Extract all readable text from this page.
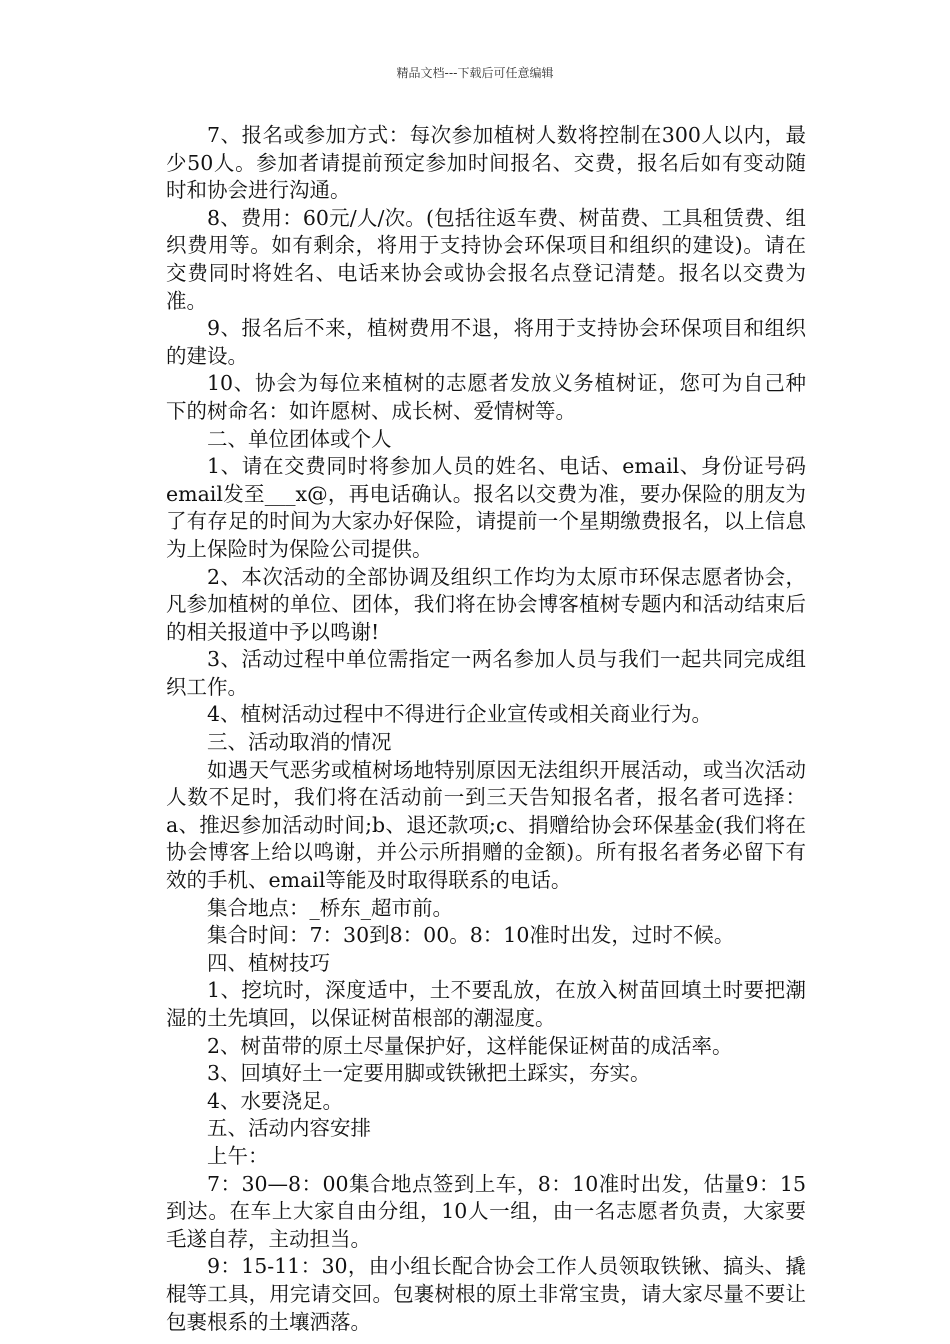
精品文档---下载后可任意编辑

7、报名或参加方式：每次参加植树人数将控制在300人以内，最少50人。参加者请提前预定参加时间报名、交费，报名后如有变动随时和协会进行沟通。

8、费用：60元/人/次。(包括往返车费、树苗费、工具租赁费、组织费用等。如有剩余，将用于支持协会环保项目和组织的建设)。请在交费同时将姓名、电话来协会或协会报名点登记清楚。报名以交费为准。

9、报名后不来，植树费用不退，将用于支持协会环保项目和组织的建设。

10、协会为每位来植树的志愿者发放义务植树证，您可为自己种下的树命名：如许愿树、成长树、爱情树等。

二、单位团体或个人

1、请在交费同时将参加人员的姓名、电话、email、身份证号码email发至___x@，再电话确认。报名以交费为准，要办保险的朋友为了有存足的时间为大家办好保险，请提前一个星期缴费报名，以上信息为上保险时为保险公司提供。

2、本次活动的全部协调及组织工作均为太原市环保志愿者协会，凡参加植树的单位、团体，我们将在协会博客植树专题内和活动结束后的相关报道中予以鸣谢!

3、活动过程中单位需指定一两名参加人员与我们一起共同完成组织工作。

4、植树活动过程中不得进行企业宣传或相关商业行为。

三、活动取消的情况

如遇天气恶劣或植树场地特别原因无法组织开展活动，或当次活动人数不足时，我们将在活动前一到三天告知报名者，报名者可选择：a、推迟参加活动时间;b、退还款项;c、捐赠给协会环保基金(我们将在协会博客上给以鸣谢，并公示所捐赠的金额)。所有报名者务必留下有效的手机、email等能及时取得联系的电话。

集合地点：_桥东_超市前。

集合时间：7：30到8：00。8：10准时出发，过时不候。

四、植树技巧

1、挖坑时，深度适中，土不要乱放，在放入树苗回填土时要把潮湿的土先填回，以保证树苗根部的潮湿度。

2、树苗带的原土尽量保护好，这样能保证树苗的成活率。

3、回填好土一定要用脚或铁锹把土踩实，夯实。

4、水要浇足。

五、活动内容安排

上午：

7：30—8：00集合地点签到上车，8：10准时出发，估量9：15到达。在车上大家自由分组，10人一组，由一名志愿者负责，大家要毛遂自荐，主动担当。

9：15-11：30，由小组长配合协会工作人员领取铁锹、搞头、撬棍等工具，用完请交回。包裹树根的原土非常宝贵，请大家尽量不要让包裹根系的土壤洒落。
